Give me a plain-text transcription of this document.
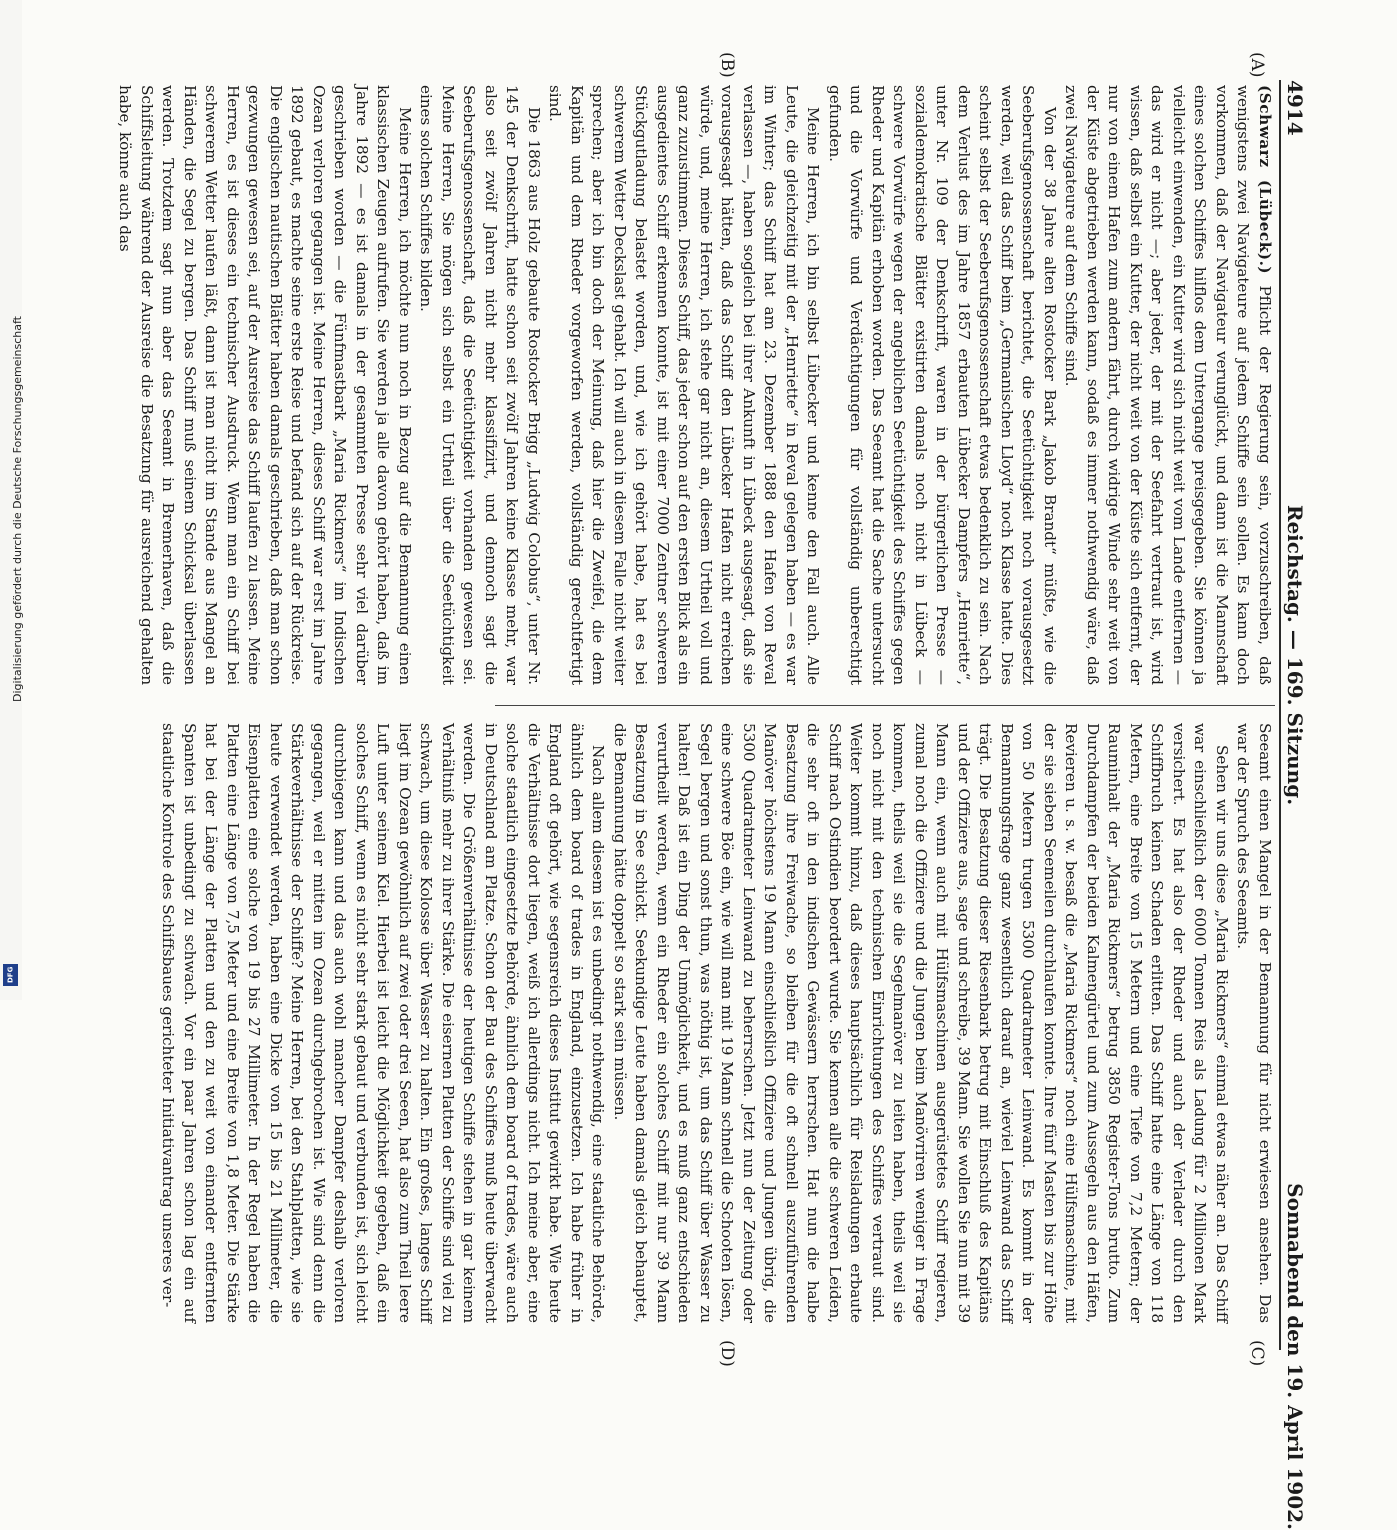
Digitalisierung gefördert durch die Deutsche Forschungsgemeinschaft
DFG
4914
Reichstag. — 169. Sitzung.
Sonnabend den 19. April 1902.
(A)
(B)
(C)
(D)

(Schwarz (Lübeck).) Pflicht der Regierung sein, vorzuschreiben, daß wenigstens zwei Navigateure auf jedem Schiffe sein sollen. Es kann doch vorkommen, daß der Navigateur verunglückt, und dann ist die Mannschaft eines solchen Schiffes hilflos dem Untergange preisgegeben. Sie können ja vielleicht einwenden, ein Kutter wird sich nicht weit vom Lande entfernen — das wird er nicht —; aber jeder, der mit der Seefahrt vertraut ist, wird wissen, daß selbst ein Kutter, der nicht weit von der Küste sich entfernt, der nur von einem Hafen zum andern fährt, durch widrige Winde sehr weit von der Küste abgetrieben werden kann, sodaß es immer nothwendig wäre, daß zwei Navigateure auf dem Schiffe sind.

Von der 38 Jahre alten Rostocker Bark „Jakob Brandt“ müßte, wie die Seeberufsgenossenschaft berichtet, die Seetüchtigkeit noch vorausgesetzt werden, weil das Schiff beim „Germanischen Lloyd“ noch Klasse hatte. Dies scheint selbst der Seeberufsgenossenschaft etwas bedenklich zu sein. Nach dem Verlust des im Jahre 1857 erbauten Lübecker Dampfers „Henriette“, unter Nr. 109 der Denkschrift, waren in der bürgerlichen Presse — sozialdemokratische Blätter existirten damals noch nicht in Lübeck — schwere Vorwürfe wegen der angeblichen Seetüchtigkeit des Schiffes gegen Rheder und Kapitän erhoben worden. Das Seeamt hat die Sache untersucht und die Vorwürfe und Verdächtigungen für vollständig unberechtigt gefunden.

Meine Herren, ich bin selbst Lübecker und kenne den Fall auch. Alle Leute, die gleichzeitig mit der „Henriette“ in Reval gelegen haben — es war im Winter; das Schiff hat am 23. Dezember 1888 den Hafen von Reval verlassen —, haben sogleich bei ihrer Ankunft in Lübeck ausgesagt, daß sie vorausgesagt hätten, daß das Schiff den Lübecker Hafen nicht erreichen würde, und, meine Herren, ich stehe gar nicht an, diesem Urtheil voll und ganz zuzustimmen. Dieses Schiff, das jeder schon auf den ersten Blick als ein ausgedientes Schiff erkennen konnte, ist mit einer 7000 Zentner schweren Stückgutladung belastet worden, und, wie ich gehört habe, hat es bei schwerem Wetter Deckslast gehabt. Ich will auch in diesem Falle nicht weiter sprechen; aber ich bin doch der Meinung, daß hier die Zweifel, die dem Kapitän und dem Rheder vorgeworfen werden, vollständig gerechtfertigt sind.

Die 1863 aus Holz gebaute Rostocker Brigg „Ludwig Colobus“, unter Nr. 145 der Denkschrift, hatte schon seit zwölf Jahren keine Klasse mehr, war also seit zwölf Jahren nicht mehr klassifizirt, und dennoch sagt die Seeberufsgenossenschaft, daß die Seetüchtigkeit vorhanden gewesen sei. Meine Herren, Sie mögen sich selbst ein Urtheil über die Seetüchtigkeit eines solchen Schiffes bilden.

Meine Herren, ich möchte nun noch in Bezug auf die Bemannung einen klassischen Zeugen aufrufen. Sie werden ja alle davon gehört haben, daß im Jahre 1892 — es ist damals in der gesammten Presse sehr viel darüber geschrieben worden — die Fünfmastbark „Maria Rickmers“ im Indischen Ozean verloren gegangen ist. Meine Herren, dieses Schiff war erst im Jahre 1892 gebaut, es machte seine erste Reise und befand sich auf der Rückreise. Die englischen nautischen Blätter haben damals geschrieben, daß man schon gezwungen gewesen sei, auf der Ausreise das Schiff laufen zu lassen. Meine Herren, es ist dieses ein technischer Ausdruck. Wenn man ein Schiff bei schwerem Wetter laufen läßt, dann ist man nicht im Stande aus Mangel an Händen, die Segel zu bergen. Das Schiff muß seinem Schicksal überlassen werden. Trotzdem sagt nun aber das Seeamt in Bremerhaven, daß die Schiffsleitung während der Ausreise die Besatzung für ausreichend gehalten habe, könne auch das

Seeamt einen Mangel in der Bemannung für nicht erwiesen ansehen. Das war der Spruch des Seeamts.

Sehen wir uns diese „Maria Rickmers“ einmal etwas näher an. Das Schiff war einschließlich der 6000 Tonnen Reis als Ladung für 2 Millionen Mark versichert. Es hat also der Rheder und auch der Verlader durch den Schiffbruch keinen Schaden erlitten. Das Schiff hatte eine Länge von 118 Metern, eine Breite von 15 Metern und eine Tiefe von 7,2 Metern; der Rauminhalt der „Maria Rickmers“ betrug 3850 Register-Tons brutto. Zum Durchdampfen der beiden Kalmengürtel und zum Aussegeln aus den Häfen, Revieren u. s. w. besaß die „Maria Rickmers“ noch eine Hülfsmaschine, mit der sie sieben Seemeilen durchlaufen konnte. Ihre fünf Masten bis zur Höhe von 50 Metern trugen 5300 Quadratmeter Leinwand. Es kommt in der Bemannungsfrage ganz wesentlich darauf an, wieviel Leinwand das Schiff trägt. Die Besatzung dieser Riesenbark betrug mit Einschluß des Kapitäns und der Offiziere aus, sage und schreibe, 39 Mann. Sie wollen Sie nun mit 39 Mann ein, wenn auch mit Hülfsmaschinen ausgerüstetes Schiff regieren, zumal noch die Offiziere und die Jungen beim Manövriren weniger in Frage kommen, theils weil sie die Segelmanöver zu leiten haben, theils weil sie noch nicht mit den technischen Einrichtungen des Schiffes vertraut sind. Weiter kommt hinzu, daß dieses hauptsächlich für Reisladungen erbaute Schiff nach Ostindien beordert wurde. Sie kennen alle die schweren Leiden, die sehr oft in den indischen Gewässern herrschen. Hat nun die halbe Besatzung ihre Freiwache, so bleiben für die oft schnell auszuführenden Manöver höchstens 19 Mann einschließlich Offiziere und Jungen übrig, die 5300 Quadratmeter Leinwand zu beherrschen. Jetzt nun der Zeitung oder eine schwere Böe ein, wie will man mit 19 Mann schnell die Schooten lösen, Segel bergen und sonst thun, was nöthig ist, um das Schiff über Wasser zu halten! Daß ist ein Ding der Unmöglichkeit, und es muß ganz entschieden verurtheilt werden, wenn ein Rheder ein solches Schiff mit nur 39 Mann Besatzung in See schickt. Seekundige Leute haben damals gleich behauptet, die Bemannung hätte doppelt so stark sein müssen.

Nach allem diesem ist es unbedingt nothwendig, eine staatliche Behörde, ähnlich dem board of trades in England, einzusetzen. Ich habe früher in England oft gehört, wie segensreich dieses Institut gewirkt habe. Wie heute die Verhältnisse dort liegen, weiß ich allerdings nicht. Ich meine aber, eine solche staatlich eingesetzte Behörde, ähnlich dem board of trades, wäre auch in Deutschland am Platze. Schon der Bau des Schiffes muß heute überwacht werden. Die Größenverhältnisse der heutigen Schiffe stehen in gar keinem Verhältniß mehr zu ihrer Stärke. Die eisernen Platten der Schiffe sind viel zu schwach, um diese Kolosse über Wasser zu halten. Ein großes, langes Schiff liegt im Ozean gewöhnlich auf zwei oder drei Seeen, hat also zum Theil leere Luft unter seinem Kiel. Hierbei ist leicht die Möglichkeit gegeben, daß ein solches Schiff, wenn es nicht sehr stark gebaut und verbunden ist, sich leicht durchbiegen kann und das auch wohl mancher Dampfer deshalb verloren gegangen, weil er mitten im Ozean durchgebrochen ist. Wie sind denn die Stärkeverhältnisse der Schiffe? Meine Herren, bei den Stahlplatten, wie sie heute verwendet werden, haben eine Dicke von 15 bis 21 Millimeter, die Eisenplatten eine solche von 19 bis 27 Millimeter. In der Regel haben die Platten eine Länge von 7,5 Meter und eine Breite von 1,8 Meter. Die Stärke hat bei der Länge der Platten und den zu weit von einander entfernten Spanten ist unbedingt zu schwach. Vor ein paar Jahren schon lag ein auf staatliche Kontrole des Schiffsbaues gerichteter Initiativantrag unseres ver-
